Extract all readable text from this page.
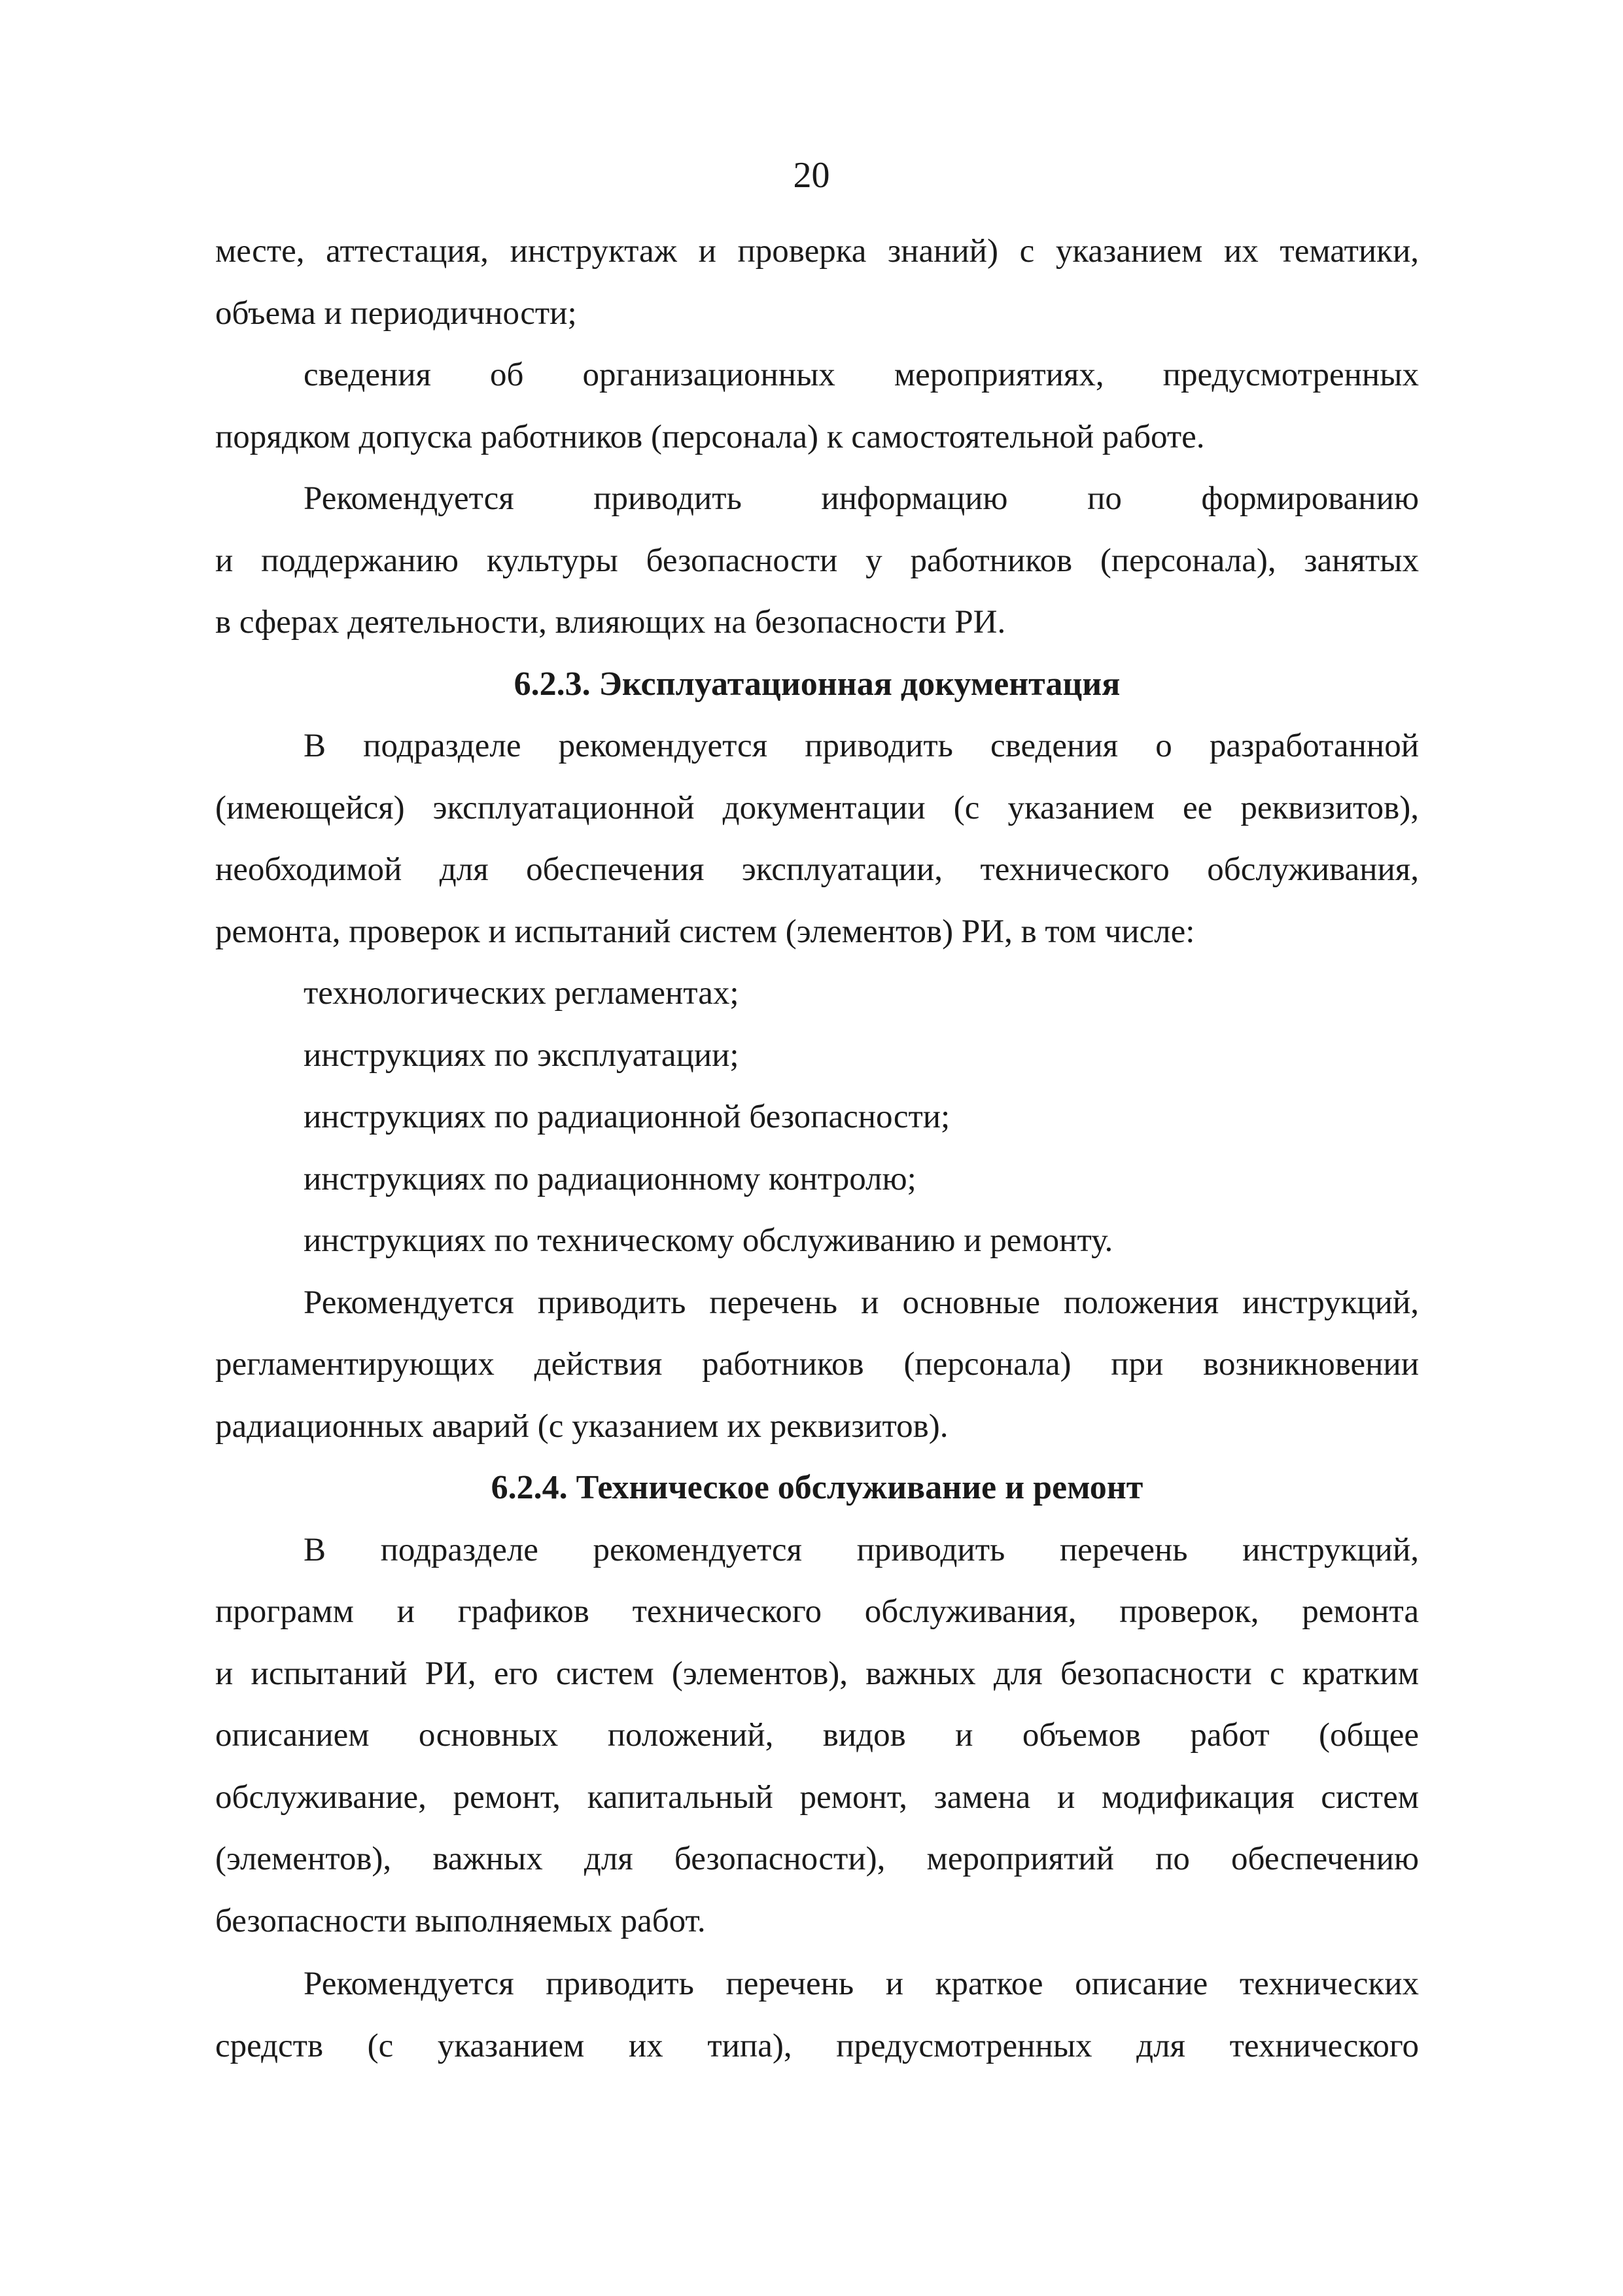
20
месте, аттестация, инструктаж и проверка знаний) с указанием их тематики,
объема и периодичности;
сведения об организационных мероприятиях, предусмотренных
порядком допуска работников (персонала) к самостоятельной работе.
Рекомендуется приводить информацию по формированию
и поддержанию культуры безопасности у работников (персонала), занятых
в сферах деятельности, влияющих на безопасности РИ.
6.2.3. Эксплуатационная документация
В подразделе рекомендуется приводить сведения о разработанной
(имеющейся) эксплуатационной документации (с указанием ее реквизитов),
необходимой для обеспечения эксплуатации, технического обслуживания,
ремонта, проверок и испытаний систем (элементов) РИ, в том числе:
технологических регламентах;
инструкциях по эксплуатации;
инструкциях по радиационной безопасности;
инструкциях по радиационному контролю;
инструкциях по техническому обслуживанию и ремонту.
Рекомендуется приводить перечень и основные положения инструкций,
регламентирующих действия работников (персонала) при возникновении
радиационных аварий (с указанием их реквизитов).
6.2.4. Техническое обслуживание и ремонт
В подразделе рекомендуется приводить перечень инструкций,
программ и графиков технического обслуживания, проверок, ремонта
и испытаний РИ, его систем (элементов), важных для безопасности с кратким
описанием основных положений, видов и объемов работ (общее
обслуживание, ремонт, капитальный ремонт, замена и модификация систем
(элементов), важных для безопасности), мероприятий по обеспечению
безопасности выполняемых работ.
Рекомендуется приводить перечень и краткое описание технических
средств (с указанием их типа), предусмотренных для технического
